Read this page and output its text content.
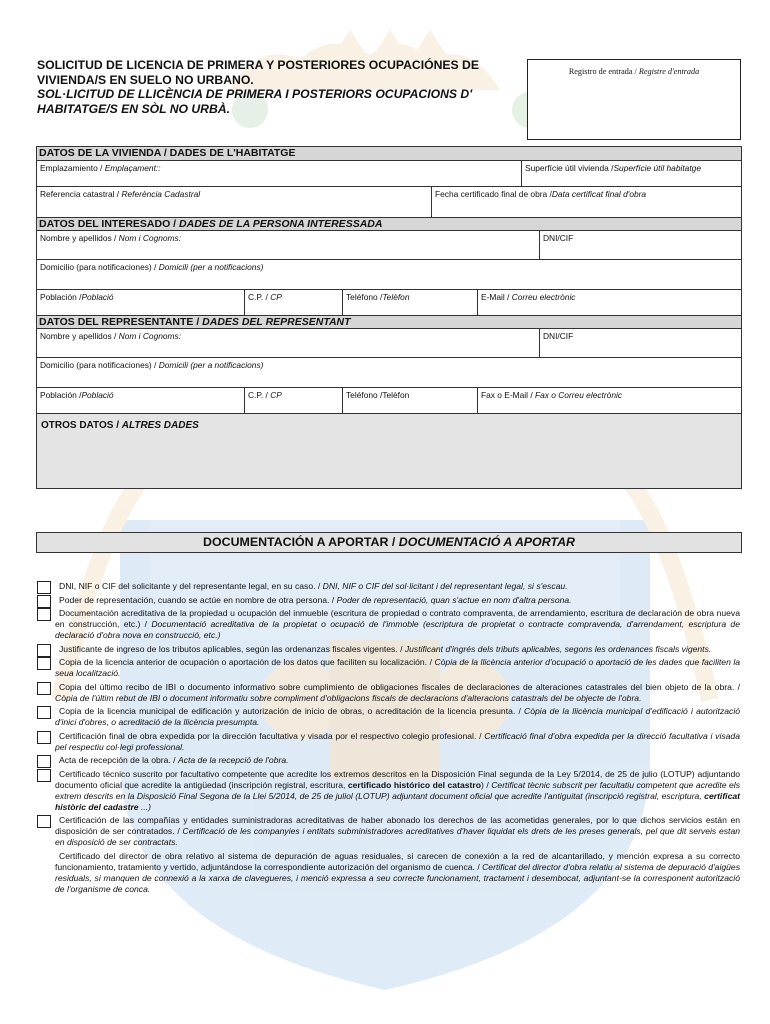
SOLICITUD DE LICENCIA DE PRIMERA Y POSTERIORES OCUPACIÓNES DE VIVIENDA/S EN SUELO NO URBANO.
SOL·LICITUD DE LLICÈNCIA DE PRIMERA I POSTERIORS OCUPACIONS D' HABITATGE/S EN SÒL NO URBÀ.
Registro de entrada / Registre d'entrada
DATOS DE LA VIVIENDA / DADES DE L'HABITATGE
Emplazamiento / Emplaçament::	Superfície útil vivienda /Superfície útil habitatge
Referencia catastral / Referència Cadastral	Fecha certificado final de obra /Data certificat final d'obra
DATOS DEL INTERESADO / DADES DE LA PERSONA INTERESSADA
Nombre y apellidos / Nom i Cognoms:	DNI/CIF
Domicilio (para notificaciones) / Domicili (per a notificacions)
Población /Població	C.P. / CP	Teléfono /Telèfon	E-Mail / Correu electrònic
DATOS DEL REPRESENTANTE / DADES DEL REPRESENTANT
Nombre y apellidos / Nom i Cognoms:	DNI/CIF
Domicilio (para notificaciones) / Domicili (per a notificacions)
Población /Població	C.P. / CP	Teléfono /Telèfon	Fax o E-Mail / Fax o Correu electrònic
OTROS DATOS / ALTRES DADES
DOCUMENTACIÓN A APORTAR / DOCUMENTACIÓ A APORTAR
DNI, NIF o CIF del solicitante y del representante legal, en su caso. / DNI, NIF o CIF del sol·licitant i del representant legal, si s'escau.
Poder de representación, cuando se actúe en nombre de otra persona. / Poder de representació, quan s'actue en nom d'altra persona.
Documentación acreditativa de la propiedad u ocupación del inmueble (escritura de propiedad o contrato compraventa, de arrendamiento, escritura de declaración de obra nueva en construcción, etc.) / Documentació acreditativa de la propietat o ocupació de l'immoble (escriptura de propietat o contracte compravenda, d'arrendament, escriptura de declaració d'obra nova en construcció, etc.)
Justificante de ingreso de los tributos aplicables, según las ordenanzas fiscales vigentes. / Justificant d'ingrés dels tributs aplicables, segons les ordenances fiscals vigents.
Copia de la licencia anterior de ocupación o aportación de los datos que faciliten su localización. / Còpia de la llicència anterior d'ocupació o aportació de les dades que faciliten la seua localització.
Copia del último recibo de IBI o documento informativo sobre cumplimiento de obligaciones fiscales de declaraciones de alteraciones catastrales del bien objeto de la obra. / Còpia de l'últim rebut de IBI o document informatiu sobre compliment d'obligacions fiscals de declaracions d'alteracions catastrals del be objecte de l'obra.
Copia de la licencia municipal de edificación y autorización de inicio de obras, o acreditación de la licencia presunta. / Còpia de la llicència municipal d'edificació i autorització d'inici d'obres, o acreditació de la llicència presumpta.
Certificación final de obra expedida por la dirección facultativa y visada por el respectivo colegio profesional. / Certificació final d'obra expedida per la direcció facultativa i visada pel respectiu col·legi professional.
Acta de recepción de la obra. / Acta de la recepció de l'obra.
Certificado técnico suscrito por facultativo competente que acredite los extremos descritos en la Disposición Final segunda de la Ley 5/2014, de 25 de julio (LOTUP) adjuntando documento oficial que acredite la antigüedad (inscripción registral, escritura, certificado histórico del catastro) / Certificat tècnic subscrit per facultatiu competent que acredite els extrem descrits en la Disposició Final Segona de la Llei 5/2014, de 25 de juliol (LOTUP) adjuntant document oficial que acredite l'antiguitat (inscripció registral, escriptura, certificat històric del cadastre ...)
Certificación de las compañías y entidades suministradoras acreditativas de haber abonado los derechos de las acometidas generales, por lo que dichos servicios están en disposición de ser contratados. / Certificació de les companyies i entitats subministradores acreditatives d'haver liquidat els drets de les preses generals, pel que dit serveis estan en disposició de ser contractats.
Certificado del director de obra relativo al sistema de depuración de aguas residuales, si carecen de conexión a la red de alcantarillado, y mención expresa a su correcto funcionamiento, tratamiento y vertido, adjuntándose la correspondiente autorización del organismo de cuenca. / Certificat del director d'obra relatiu al sistema de depuració d'aigües residuals, si manquen de connexió a la xarxa de clavegueres, i menció expressa a seu correcte funcionament, tractament i desembocat, adjuntant-se la corresponent autorització de l'organisme de conca.
